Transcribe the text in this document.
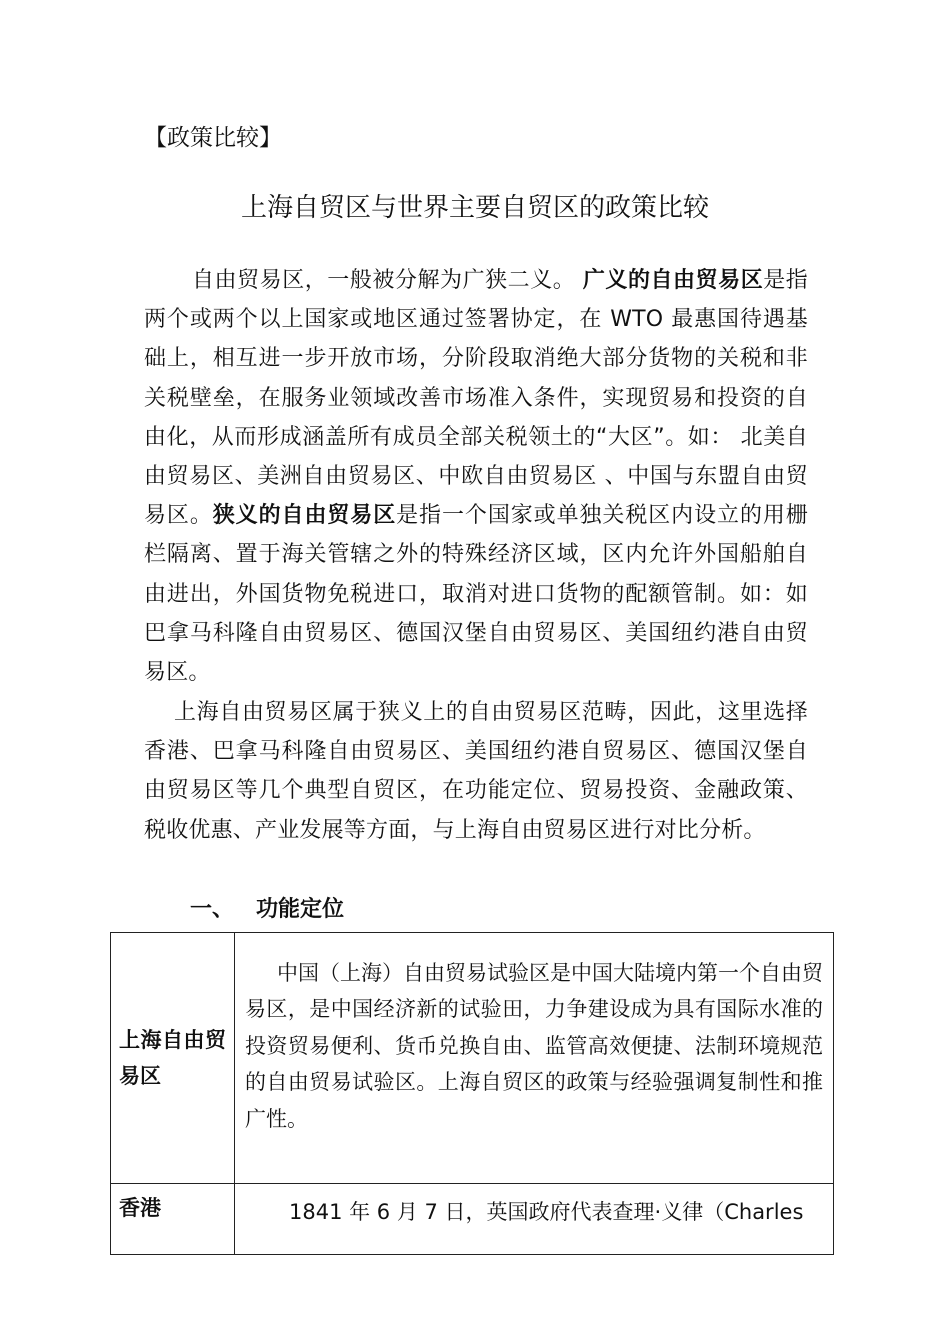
【政策比较】
上海自贸区与世界主要自贸区的政策比较
自由贸易区，一般被分解为广狭二义。 广义的自由贸易区是指两个或两个以上国家或地区通过签署协定，在 WTO 最惠国待遇基础上，相互进一步开放市场，分阶段取消绝大部分货物的关税和非关税壁垒，在服务业领域改善市场准入条件，实现贸易和投资的自由化，从而形成涵盖所有成员全部关税领土的“大区”。如： 北美自由贸易区、美洲自由贸易区、中欧自由贸易区 、中国与东盟自由贸易区。狭义的自由贸易区是指一个国家或单独关税区内设立的用栅栏隔离、置于海关管辖之外的特殊经济区域，区内允许外国船舶自由进出，外国货物免税进口，取消对进口货物的配额管制。如：如巴拿马科隆自由贸易区、德国汉堡自由贸易区、美国纽约港自由贸易区。
上海自由贸易区属于狭义上的自由贸易区范畴，因此，这里选择香港、巴拿马科隆自由贸易区、美国纽约港自贸易区、德国汉堡自由贸易区等几个典型自贸区，在功能定位、贸易投资、金融政策、税收优惠、产业发展等方面，与上海自由贸易区进行对比分析。
一、 功能定位
上海自由贸易区	中国（上海）自由贸易试验区是中国大陆境内第一个自由贸易区，是中国经济新的试验田，力争建设成为具有国际水准的投资贸易便利、货币兑换自由、监管高效便捷、法制环境规范的自由贸易试验区。上海自贸区的政策与经验强调复制性和推广性。
香港	1841 年 6 月 7 日，英国政府代表查理·义律（Charles
